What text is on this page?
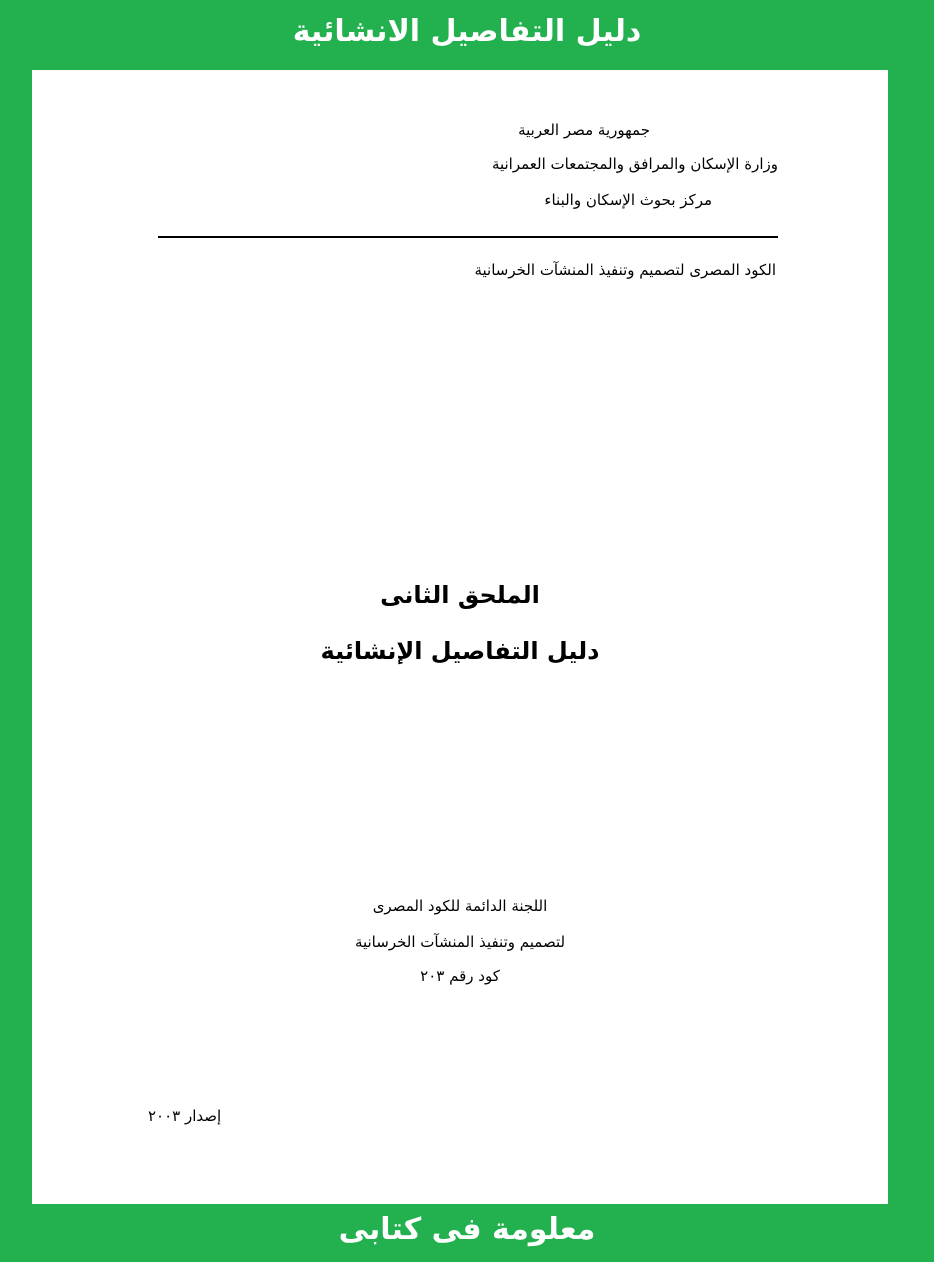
دليل التفاصيل الانشائية
جمهورية مصر العربية
وزارة الإسكان والمرافق والمجتمعات العمرانية
مركز بحوث الإسكان والبناء
الكود المصرى لتصميم وتنفيذ المنشآت الخرسانية
الملحق الثانى
دليل التفاصيل الإنشائية
اللجنة الدائمة للكود المصرى
لتصميم وتنفيذ المنشآت الخرسانية
كود رقم ٢٠٣
إصدار ٢٠٠٣
معلومة فى كتابى
